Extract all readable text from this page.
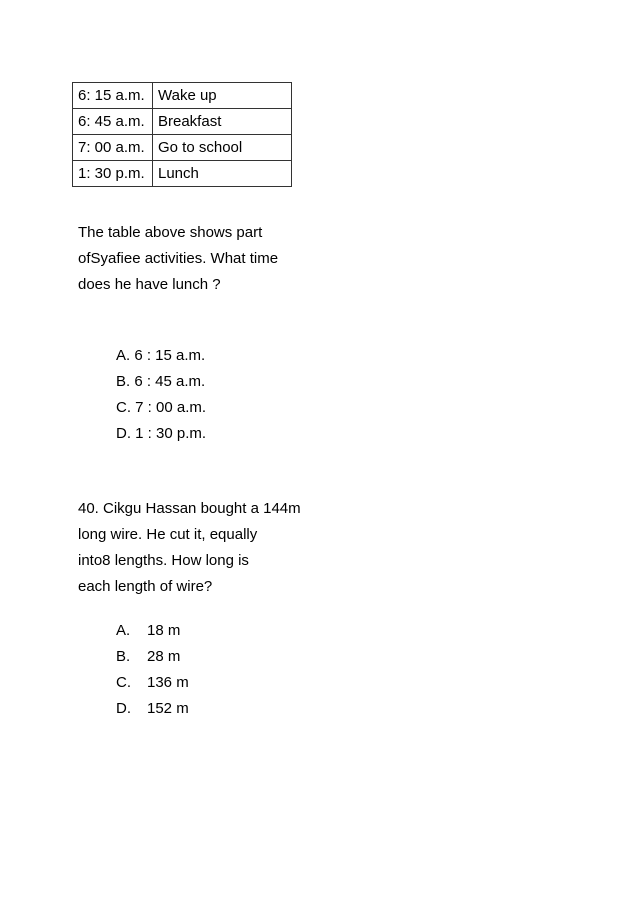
6: 15 a.m.	Wake up
6: 45 a.m.	Breakfast
7: 00 a.m.	Go to school
1: 30 p.m.	Lunch
The table above shows part
ofSyafiee activities. What time
does he have lunch ?
A. 6 : 15 a.m.
B. 6 : 45 a.m.
C. 7 : 00 a.m.
D. 1 : 30 p.m.
40. Cikgu Hassan bought a 144m
long wire. He cut it, equally
into8 lengths. How long is
each length of wire?
A. 18 m
B. 28 m
C. 136 m
D. 152 m
